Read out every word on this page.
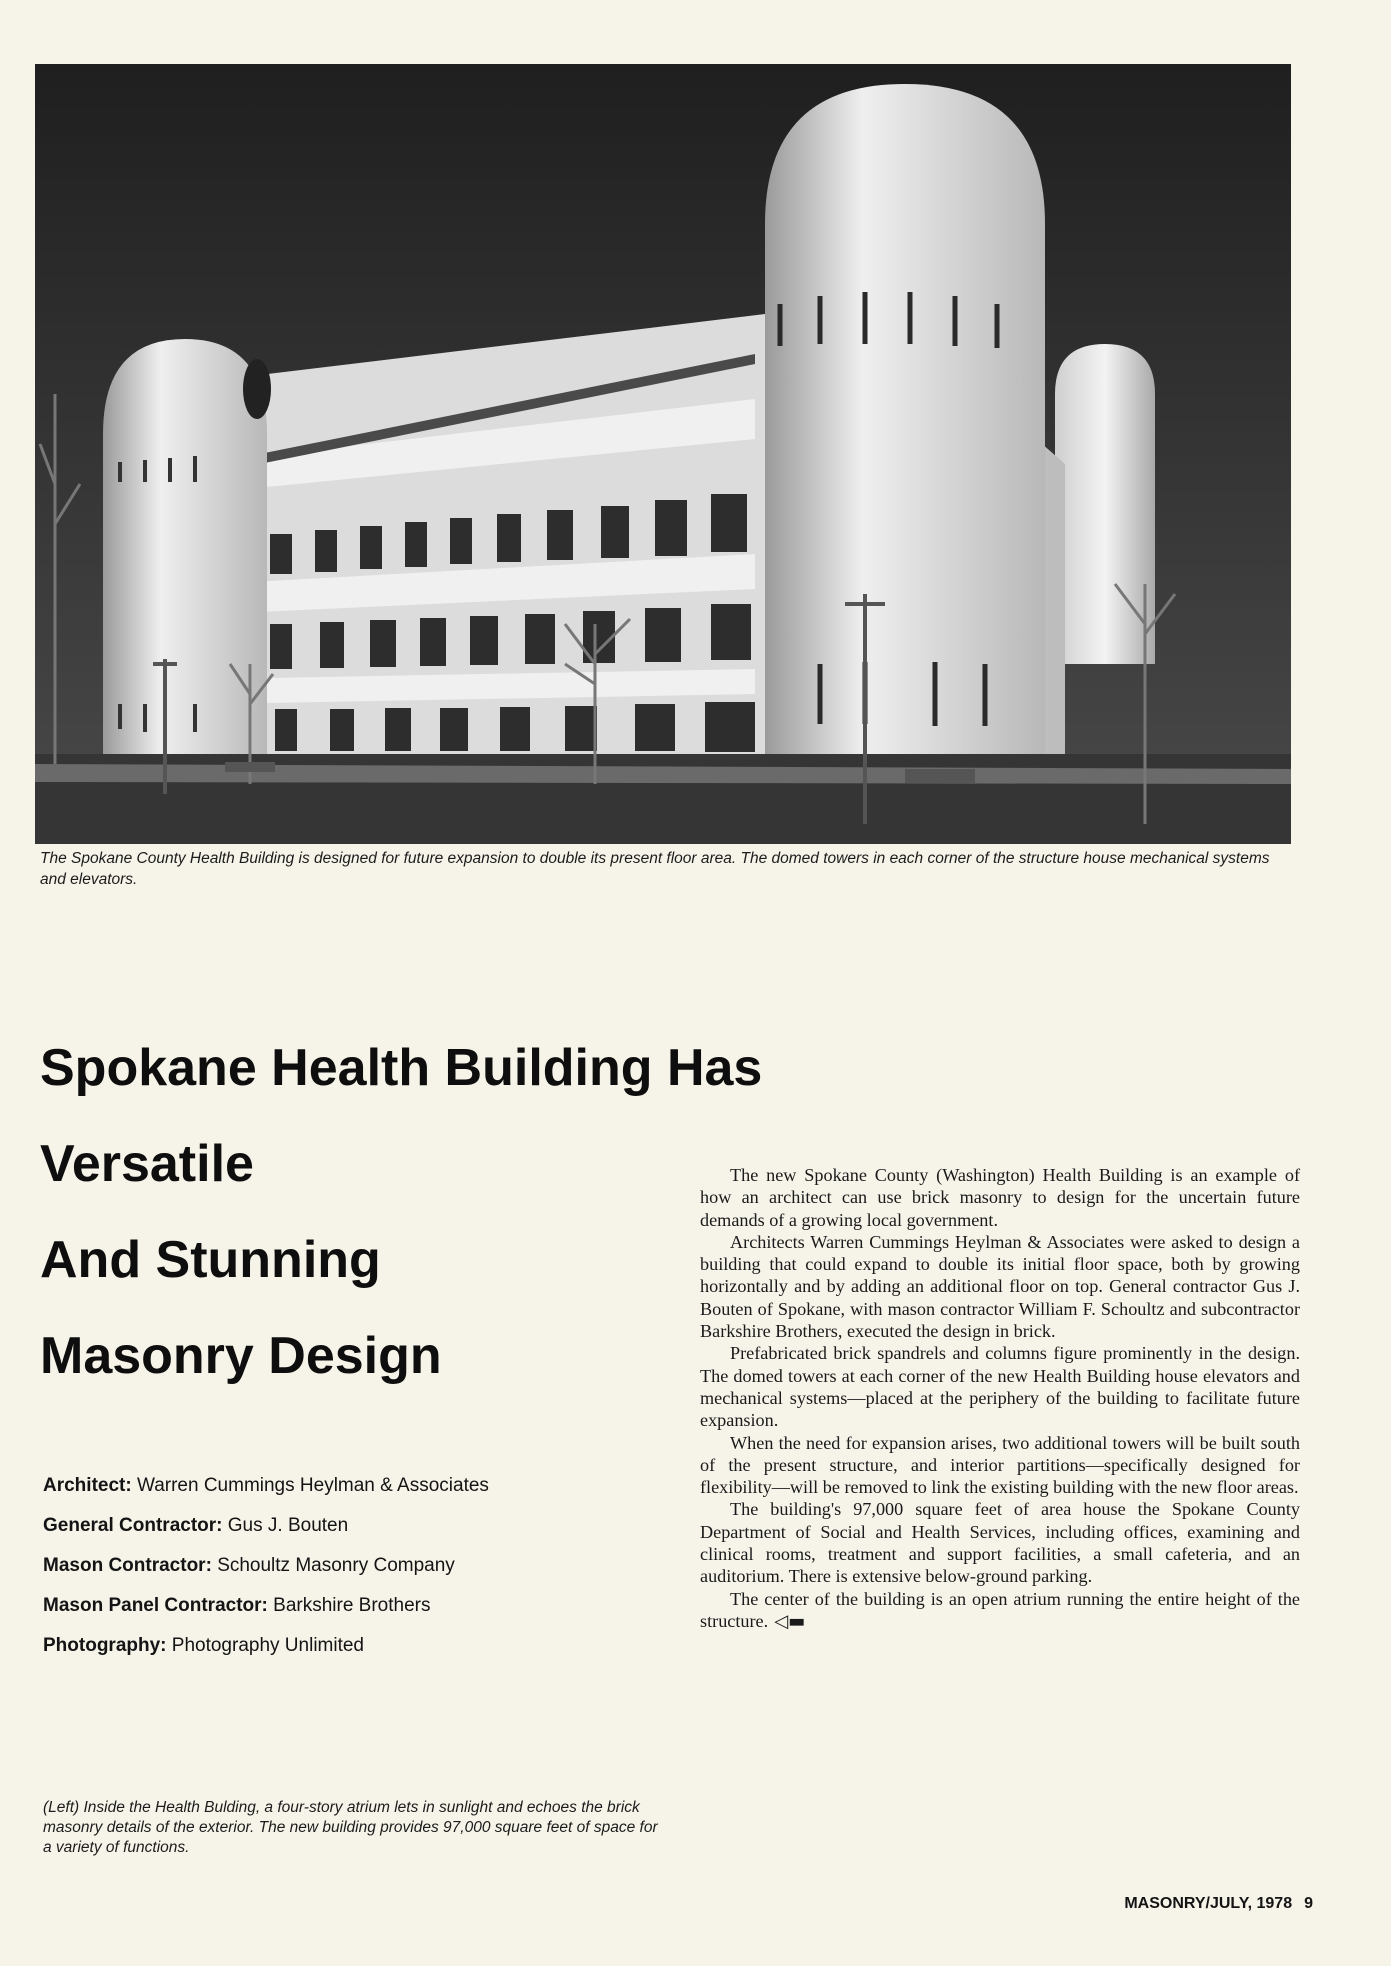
The Spokane County Health Building is designed for future expansion to double its present floor area. The domed towers in each corner of the structure house mechanical systems and elevators.
Spokane Health Building Has
Versatile
And Stunning
Masonry Design
Architect: Warren Cummings Heylman & Associates
General Contractor: Gus J. Bouten
Mason Contractor: Schoultz Masonry Company
Mason Panel Contractor: Barkshire Brothers
Photography: Photography Unlimited
(Left) Inside the Health Bulding, a four-story atrium lets in sunlight and echoes the brick masonry details of the exterior. The new building provides 97,000 square feet of space for a variety of functions.

The new Spokane County (Washington) Health Building is an example of how an architect can use brick masonry to design for the uncertain future demands of a growing local government.

Architects Warren Cummings Heylman & Associates were asked to design a building that could expand to double its initial floor space, both by growing horizontally and by adding an additional floor on top. General contractor Gus J. Bouten of Spokane, with mason contractor William F. Schoultz and subcontractor Barkshire Brothers, executed the design in brick.

Prefabricated brick spandrels and columns figure prominently in the design. The domed towers at each corner of the new Health Building house elevators and mechanical systems—placed at the periphery of the building to facilitate future expansion.

When the need for expansion arises, two additional towers will be built south of the present structure, and interior partitions—specifically designed for flexibility—will be removed to link the existing building with the new floor areas.

The building's 97,000 square feet of area house the Spokane County Department of Social and Health Services, including offices, examining and clinical rooms, treatment and support facilities, a small cafeteria, and an auditorium. There is extensive below-ground parking.

The center of the building is an open atrium running the entire height of the structure. ◁▬

MASONRY/JULY, 1978 9
